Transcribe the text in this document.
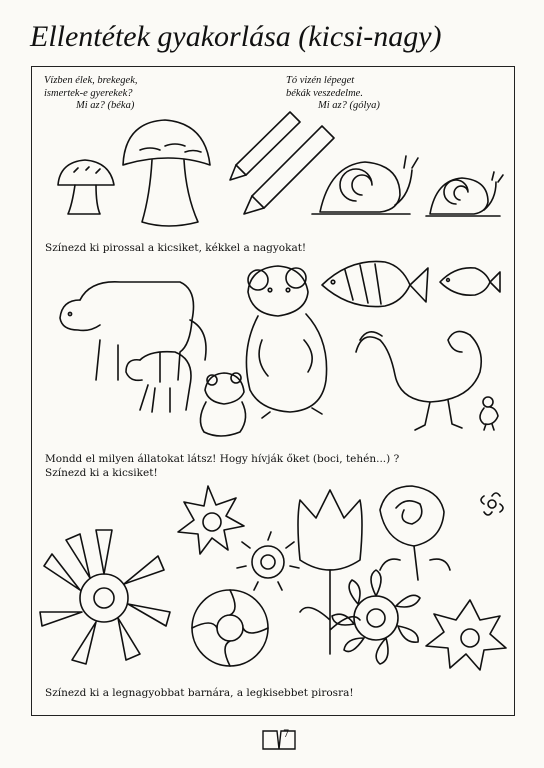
Ellentétek gyakorlása (kicsi-nagy)
Vízben élek, brekegek,
ismertek-e gyerekek?
Mi az? (béka)
Tó vizén lépeget
békák veszedelme.
Mi az? (gólya)
Színezd ki pirossal a kicsiket, kékkel a nagyokat!
Mondd el milyen állatokat látsz! Hogy hívják őket (boci, tehén...) ?
Színezd ki a kicsiket!
Színezd ki a legnagyobbat barnára, a legkisebbet pirosra!
7
